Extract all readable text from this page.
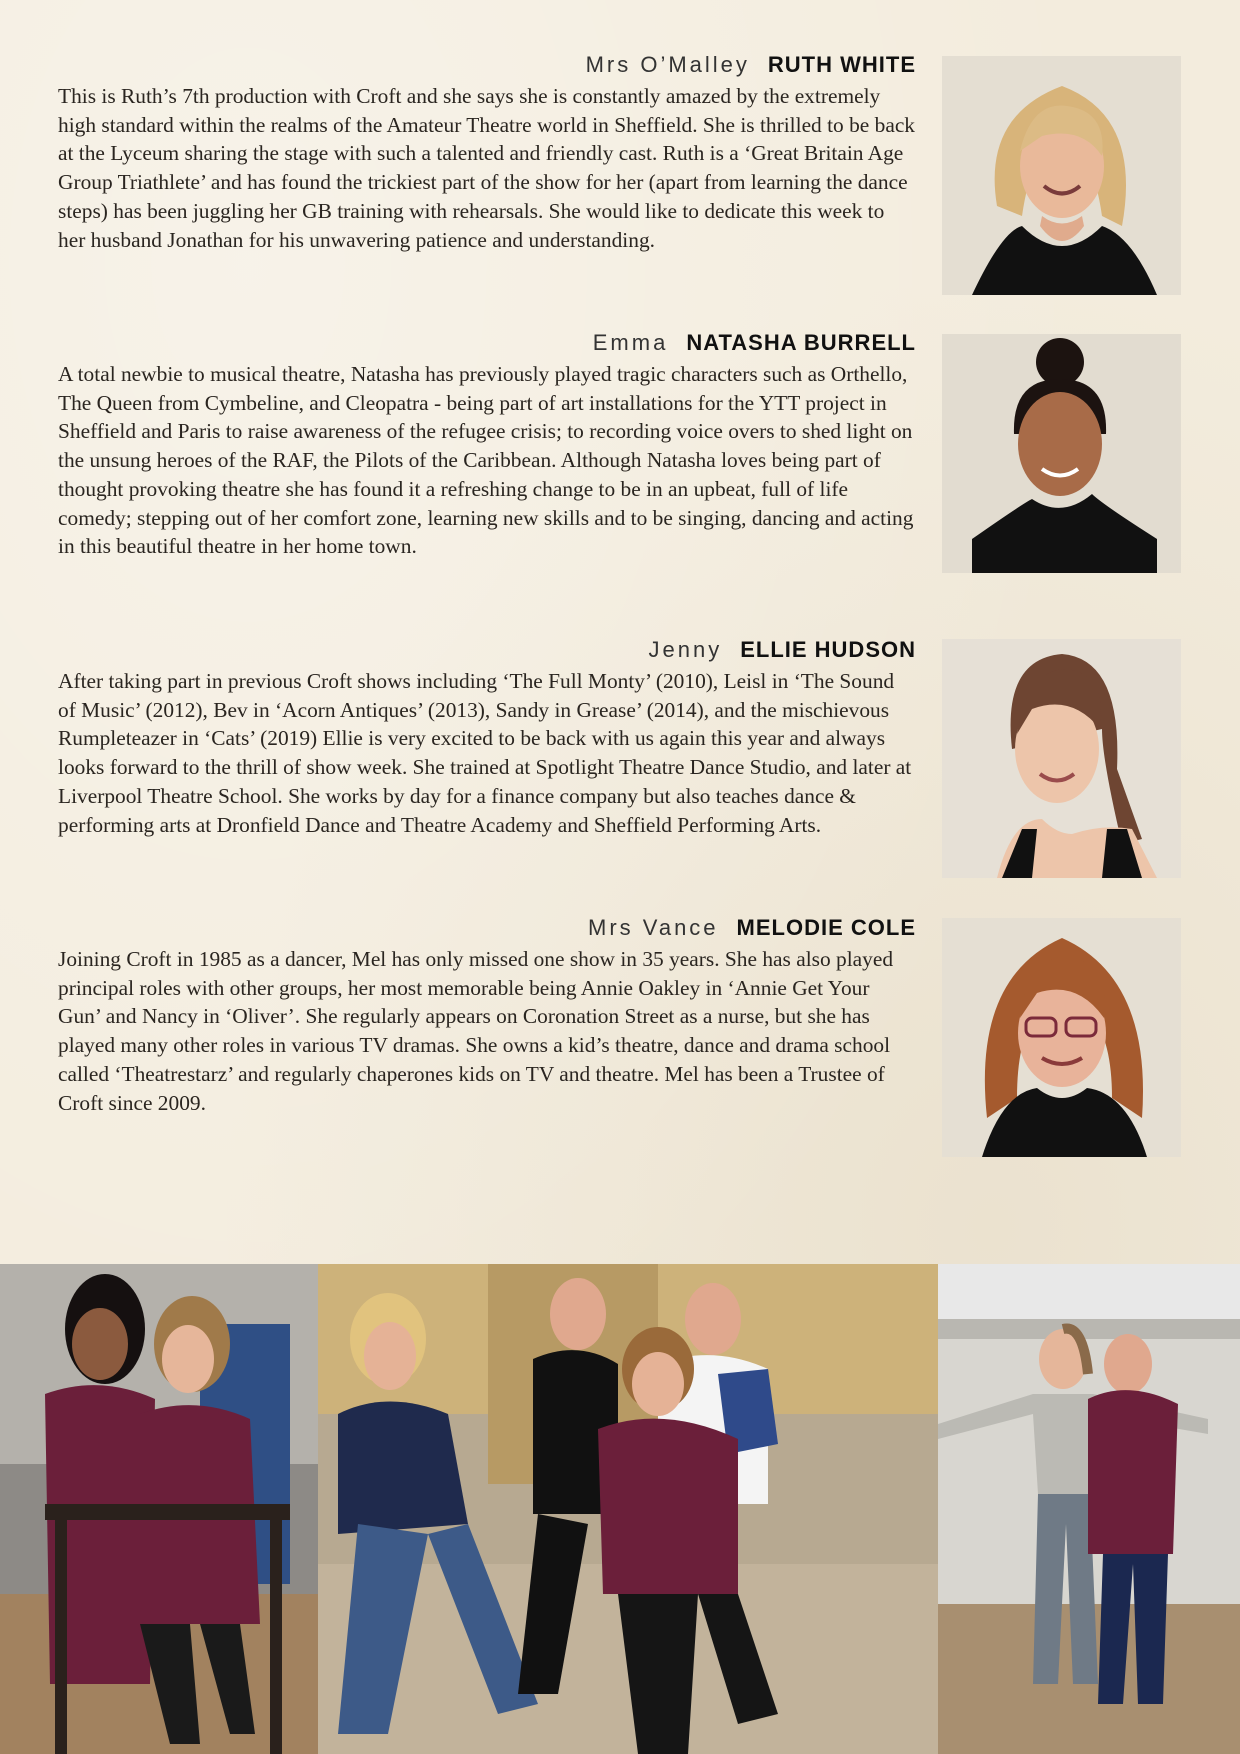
Mrs O’Malley RUTH WHITE
This is Ruth’s 7th production with Croft and she says she is constantly amazed by the extremely high standard within the realms of the Amateur Theatre world in Sheffield. She is thrilled to be back at the Lyceum sharing the stage with such a talented and friendly cast. Ruth is a ‘Great Britain Age Group Triathlete’ and has found the trickiest part of the show for her (apart from learning the dance steps) has been juggling her GB training with rehearsals. She would like to dedicate this week to her husband Jonathan for his unwavering patience and understanding.
Emma NATASHA BURRELL
A total newbie to musical theatre, Natasha has previously played tragic characters such as Orthello, The Queen from Cymbeline, and Cleopatra - being part of art installations for the YTT project in Sheffield and Paris to raise awareness of the refugee crisis; to recording voice overs to shed light on the unsung heroes of the RAF, the Pilots of the Caribbean. Although Natasha loves being part of thought provoking theatre she has found it a refreshing change to be in an upbeat, full of life comedy; stepping out of her comfort zone, learning new skills and to be singing, dancing and acting in this beautiful theatre in her home town.
Jenny ELLIE HUDSON
After taking part in previous Croft shows including ‘The Full Monty’ (2010), Leisl in ‘The Sound of Music’ (2012), Bev in ‘Acorn Antiques’ (2013), Sandy in Grease’ (2014), and the mischievous Rumpleteazer in ‘Cats’ (2019) Ellie is very excited to be back with us again this year and always looks forward to the thrill of show week. She trained at Spotlight Theatre Dance Studio, and later at Liverpool Theatre School. She works by day for a finance company but also teaches dance & performing arts at Dronfield Dance and Theatre Academy and Sheffield Performing Arts.
Mrs Vance MELODIE COLE
Joining Croft in 1985 as a dancer, Mel has only missed one show in 35 years. She has also played principal roles with other groups, her most memorable being Annie Oakley in ‘Annie Get Your Gun’ and Nancy in ‘Oliver’. She regularly appears on Coronation Street as a nurse, but she has played many other roles in various TV dramas. She owns a kid’s theatre, dance and drama school called ‘Theatrestarz’ and regularly chaperones kids on TV and theatre. Mel has been a Trustee of Croft since 2009.
